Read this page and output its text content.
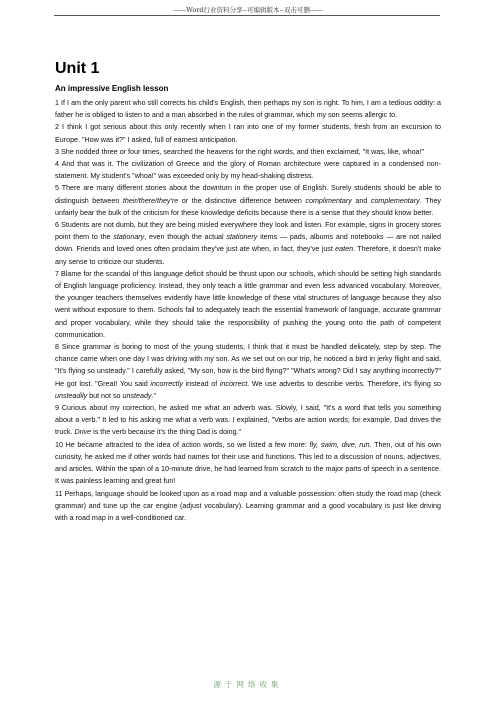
——Word行业资料分享--可编辑版本--双击可删——
Unit 1
An impressive English lesson

1 If I am the only parent who still corrects his child's English, then perhaps my son is right. To him, I am a tedious oddity: a father he is obliged to listen to and a man absorbed in the rules of grammar, which my son seems allergic to.

2 I think I got serious about this only recently when I ran into one of my former students, fresh from an excursion to Europe. "How was it?" I asked, full of earnest anticipation.

3 She nodded three or four times, searched the heavens for the right words, and then exclaimed, "It was, like, whoa!"

4 And that was it. The civilization of Greece and the glory of Roman architecture were captured in a condensed non-statement. My student's "whoa!" was exceeded only by my head-shaking distress.

5 There are many different stories about the downturn in the proper use of English. Surely students should be able to distinguish between their/there/they're or the distinctive difference between complimentary and complementary. They unfairly bear the bulk of the criticism for these knowledge deficits because there is a sense that they should know better.

6 Students are not dumb, but they are being misled everywhere they look and listen. For example, signs in grocery stores point them to the stationary, even though the actual stationery items — pads, albums and notebooks — are not nailed down. Friends and loved ones often proclaim they've just ate when, in fact, they've just eaten. Therefore, it doesn't make any sense to criticize our students.

7 Blame for the scandal of this language deficit should be thrust upon our schools, which should be setting high standards of English language proficiency. Instead, they only teach a little grammar and even less advanced vocabulary. Moreover, the younger teachers themselves evidently have little knowledge of these vital structures of language because they also went without exposure to them. Schools fail to adequately teach the essential framework of language, accurate grammar and proper vocabulary, while they should take the responsibility of pushing the young onto the path of competent communication.

8 Since grammar is boring to most of the young students, I think that it must be handled delicately, step by step. The chance came when one day I was driving with my son. As we set out on our trip, he noticed a bird in jerky flight and said, "It's flying so unsteady." I carefully asked, "My son, how is the bird flying?" "What's wrong? Did I say anything incorrectly?" He got lost. "Great! You said incorrectly instead of incorrect. We use adverbs to describe verbs. Therefore, it's flying so unsteadily but not so unsteady."

9 Curious about my correction, he asked me what an adverb was. Slowly, I said, "It's a word that tells you something about a verb." It led to his asking me what a verb was. I explained, "Verbs are action words; for example, Dad drives the truck. Drive is the verb because it's the thing Dad is doing."

10 He became attracted to the idea of action words, so we listed a few more: fly, swim, dive, run. Then, out of his own curiosity, he asked me if other words had names for their use and functions. This led to a discussion of nouns, adjectives, and articles. Within the span of a 10-minute drive, he had learned from scratch to the major parts of speech in a sentence. It was painless learning and great fun!

11 Perhaps, language should be looked upon as a road map and a valuable possession: often study the road map (check grammar) and tune up the car engine (adjust vocabulary). Learning grammar and a good vocabulary is just like driving with a road map in a well-conditioned car.

源于网络收集
